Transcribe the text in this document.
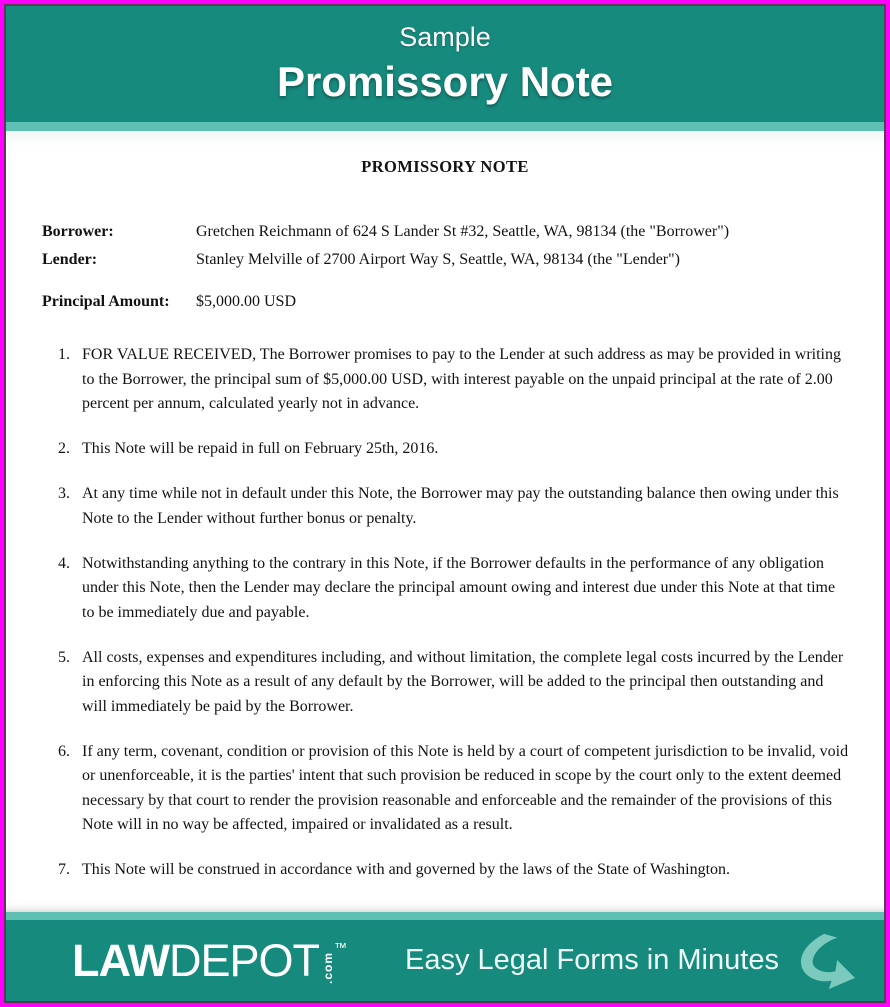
Sample
Promissory Note
PROMISSORY NOTE
Borrower:	Gretchen Reichmann of 624 S Lander St #32, Seattle, WA, 98134 (the "Borrower")
Lender:	Stanley Melville of 2700 Airport Way S, Seattle, WA, 98134 (the "Lender")
Principal Amount:	$5,000.00 USD
1. FOR VALUE RECEIVED, The Borrower promises to pay to the Lender at such address as may be provided in writing to the Borrower, the principal sum of $5,000.00 USD, with interest payable on the unpaid principal at the rate of 2.00 percent per annum, calculated yearly not in advance.
2. This Note will be repaid in full on February 25th, 2016.
3. At any time while not in default under this Note, the Borrower may pay the outstanding balance then owing under this Note to the Lender without further bonus or penalty.
4. Notwithstanding anything to the contrary in this Note, if the Borrower defaults in the performance of any obligation under this Note, then the Lender may declare the principal amount owing and interest due under this Note at that time to be immediately due and payable.
5. All costs, expenses and expenditures including, and without limitation, the complete legal costs incurred by the Lender in enforcing this Note as a result of any default by the Borrower, will be added to the principal then outstanding and will immediately be paid by the Borrower.
6. If any term, covenant, condition or provision of this Note is held by a court of competent jurisdiction to be invalid, void or unenforceable, it is the parties' intent that such provision be reduced in scope by the court only to the extent deemed necessary by that court to render the provision reasonable and enforceable and the remainder of the provisions of this Note will in no way be affected, impaired or invalidated as a result.
7. This Note will be construed in accordance with and governed by the laws of the State of Washington.
LAW DEPOT .com
™ Easy Legal Forms in Minutes
